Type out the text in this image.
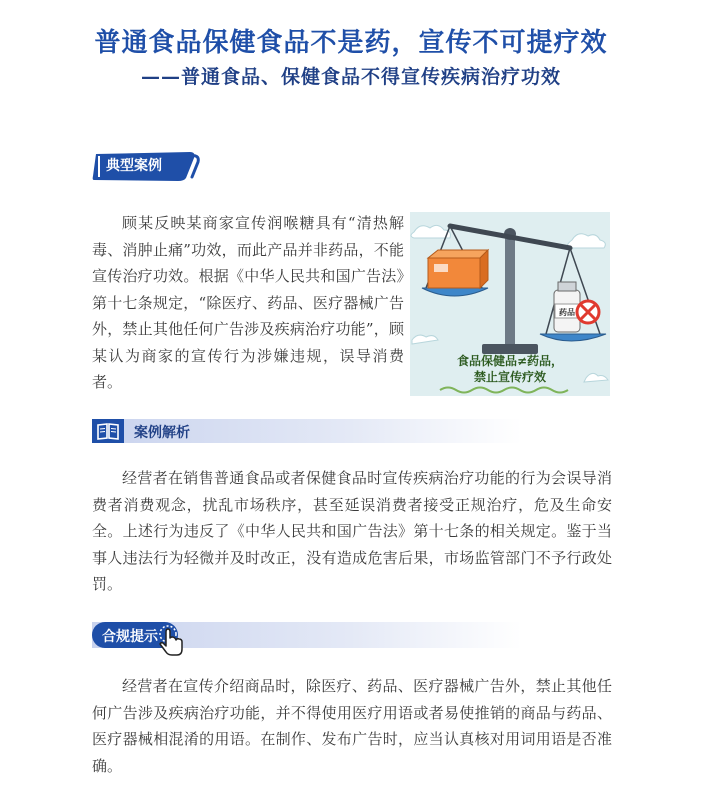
普通食品保健食品不是药，宣传不可提疗效
——普通食品、保健食品不得宣传疾病治疗功效
典型案例

顾某反映某商家宣传润喉糖具有“清热解毒、消肿止痛”功效，而此产品并非药品，不能宣传治疗功效。根据《中华人民共和国广告法》第十七条规定，“除医疗、药品、医疗器械广告外，禁止其他任何广告涉及疾病治疗功能”，顾某认为商家的宣传行为涉嫌违规，误导消费者。

药品
食品保健品≠药品，
禁止宣传疗效
案例解析

经营者在销售普通食品或者保健食品时宣传疾病治疗功能的行为会误导消费者消费观念，扰乱市场秩序，甚至延误消费者接受正规治疗，危及生命安全。上述行为违反了《中华人民共和国广告法》第十七条的相关规定。鉴于当事人违法行为轻微并及时改正，没有造成危害后果，市场监管部门不予行政处罚。

合规提示

经营者在宣传介绍商品时，除医疗、药品、医疗器械广告外，禁止其他任何广告涉及疾病治疗功能，并不得使用医疗用语或者易使推销的商品与药品、医疗器械相混淆的用语。在制作、发布广告时，应当认真核对用词用语是否准确。
